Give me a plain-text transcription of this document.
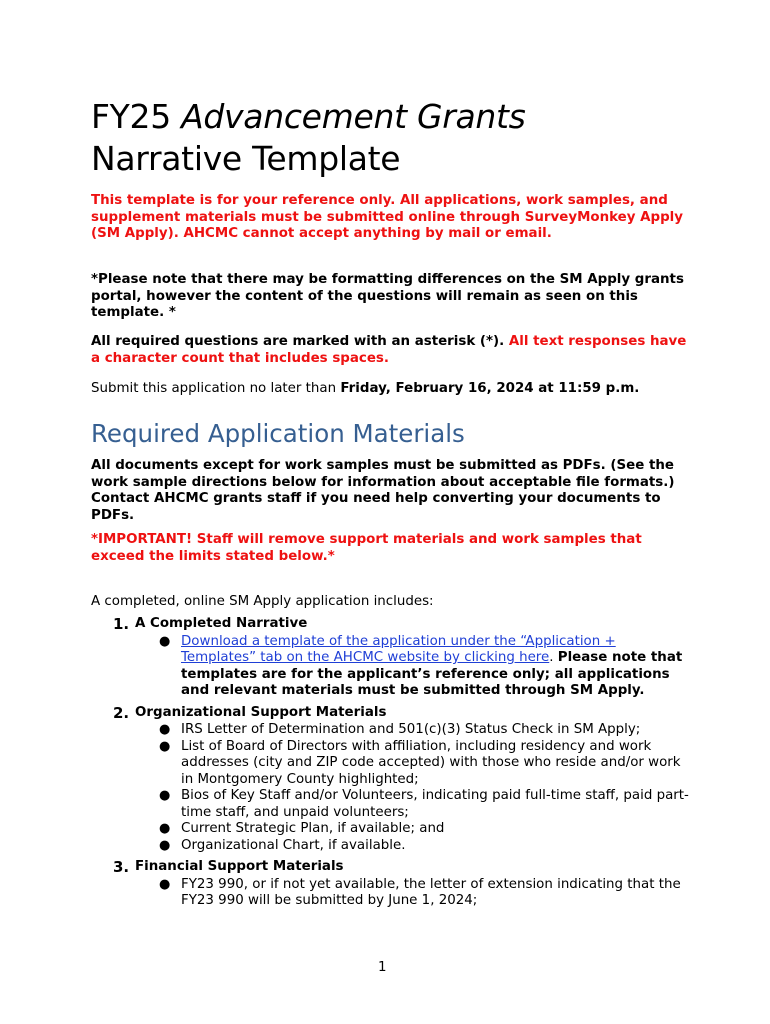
FY25 Advancement Grants
Narrative Template

This template is for your reference only. All applications, work samples, and supplement materials must be submitted online through SurveyMonkey Apply (SM Apply). AHCMC cannot accept anything by mail or email.

*Please note that there may be formatting differences on the SM Apply grants portal, however the content of the questions will remain as seen on this template. *

All required questions are marked with an asterisk (*). All text responses have a character count that includes spaces.

Submit this application no later than Friday, February 16, 2024 at 11:59 p.m.

Required Application Materials

All documents except for work samples must be submitted as PDFs. (See the work sample directions below for information about acceptable file formats.) Contact AHCMC grants staff if you need help converting your documents to PDFs.

*IMPORTANT! Staff will remove support materials and work samples that exceed the limits stated below.*

A completed, online SM Apply application includes:

1. A Completed Narrative
● Download a template of the application under the “Application + Templates” tab on the AHCMC website by clicking here. Please note that templates are for the applicant’s reference only; all applications and relevant materials must be submitted through SM Apply.
2. Organizational Support Materials
● IRS Letter of Determination and 501(c)(3) Status Check in SM Apply;
● List of Board of Directors with affiliation, including residency and work addresses (city and ZIP code accepted) with those who reside and/or work in Montgomery County highlighted;
● Bios of Key Staff and/or Volunteers, indicating paid full-time staff, paid part-time staff, and unpaid volunteers;
● Current Strategic Plan, if available; and
● Organizational Chart, if available.
3. Financial Support Materials
● FY23 990, or if not yet available, the letter of extension indicating that the FY23 990 will be submitted by June 1, 2024;
1
